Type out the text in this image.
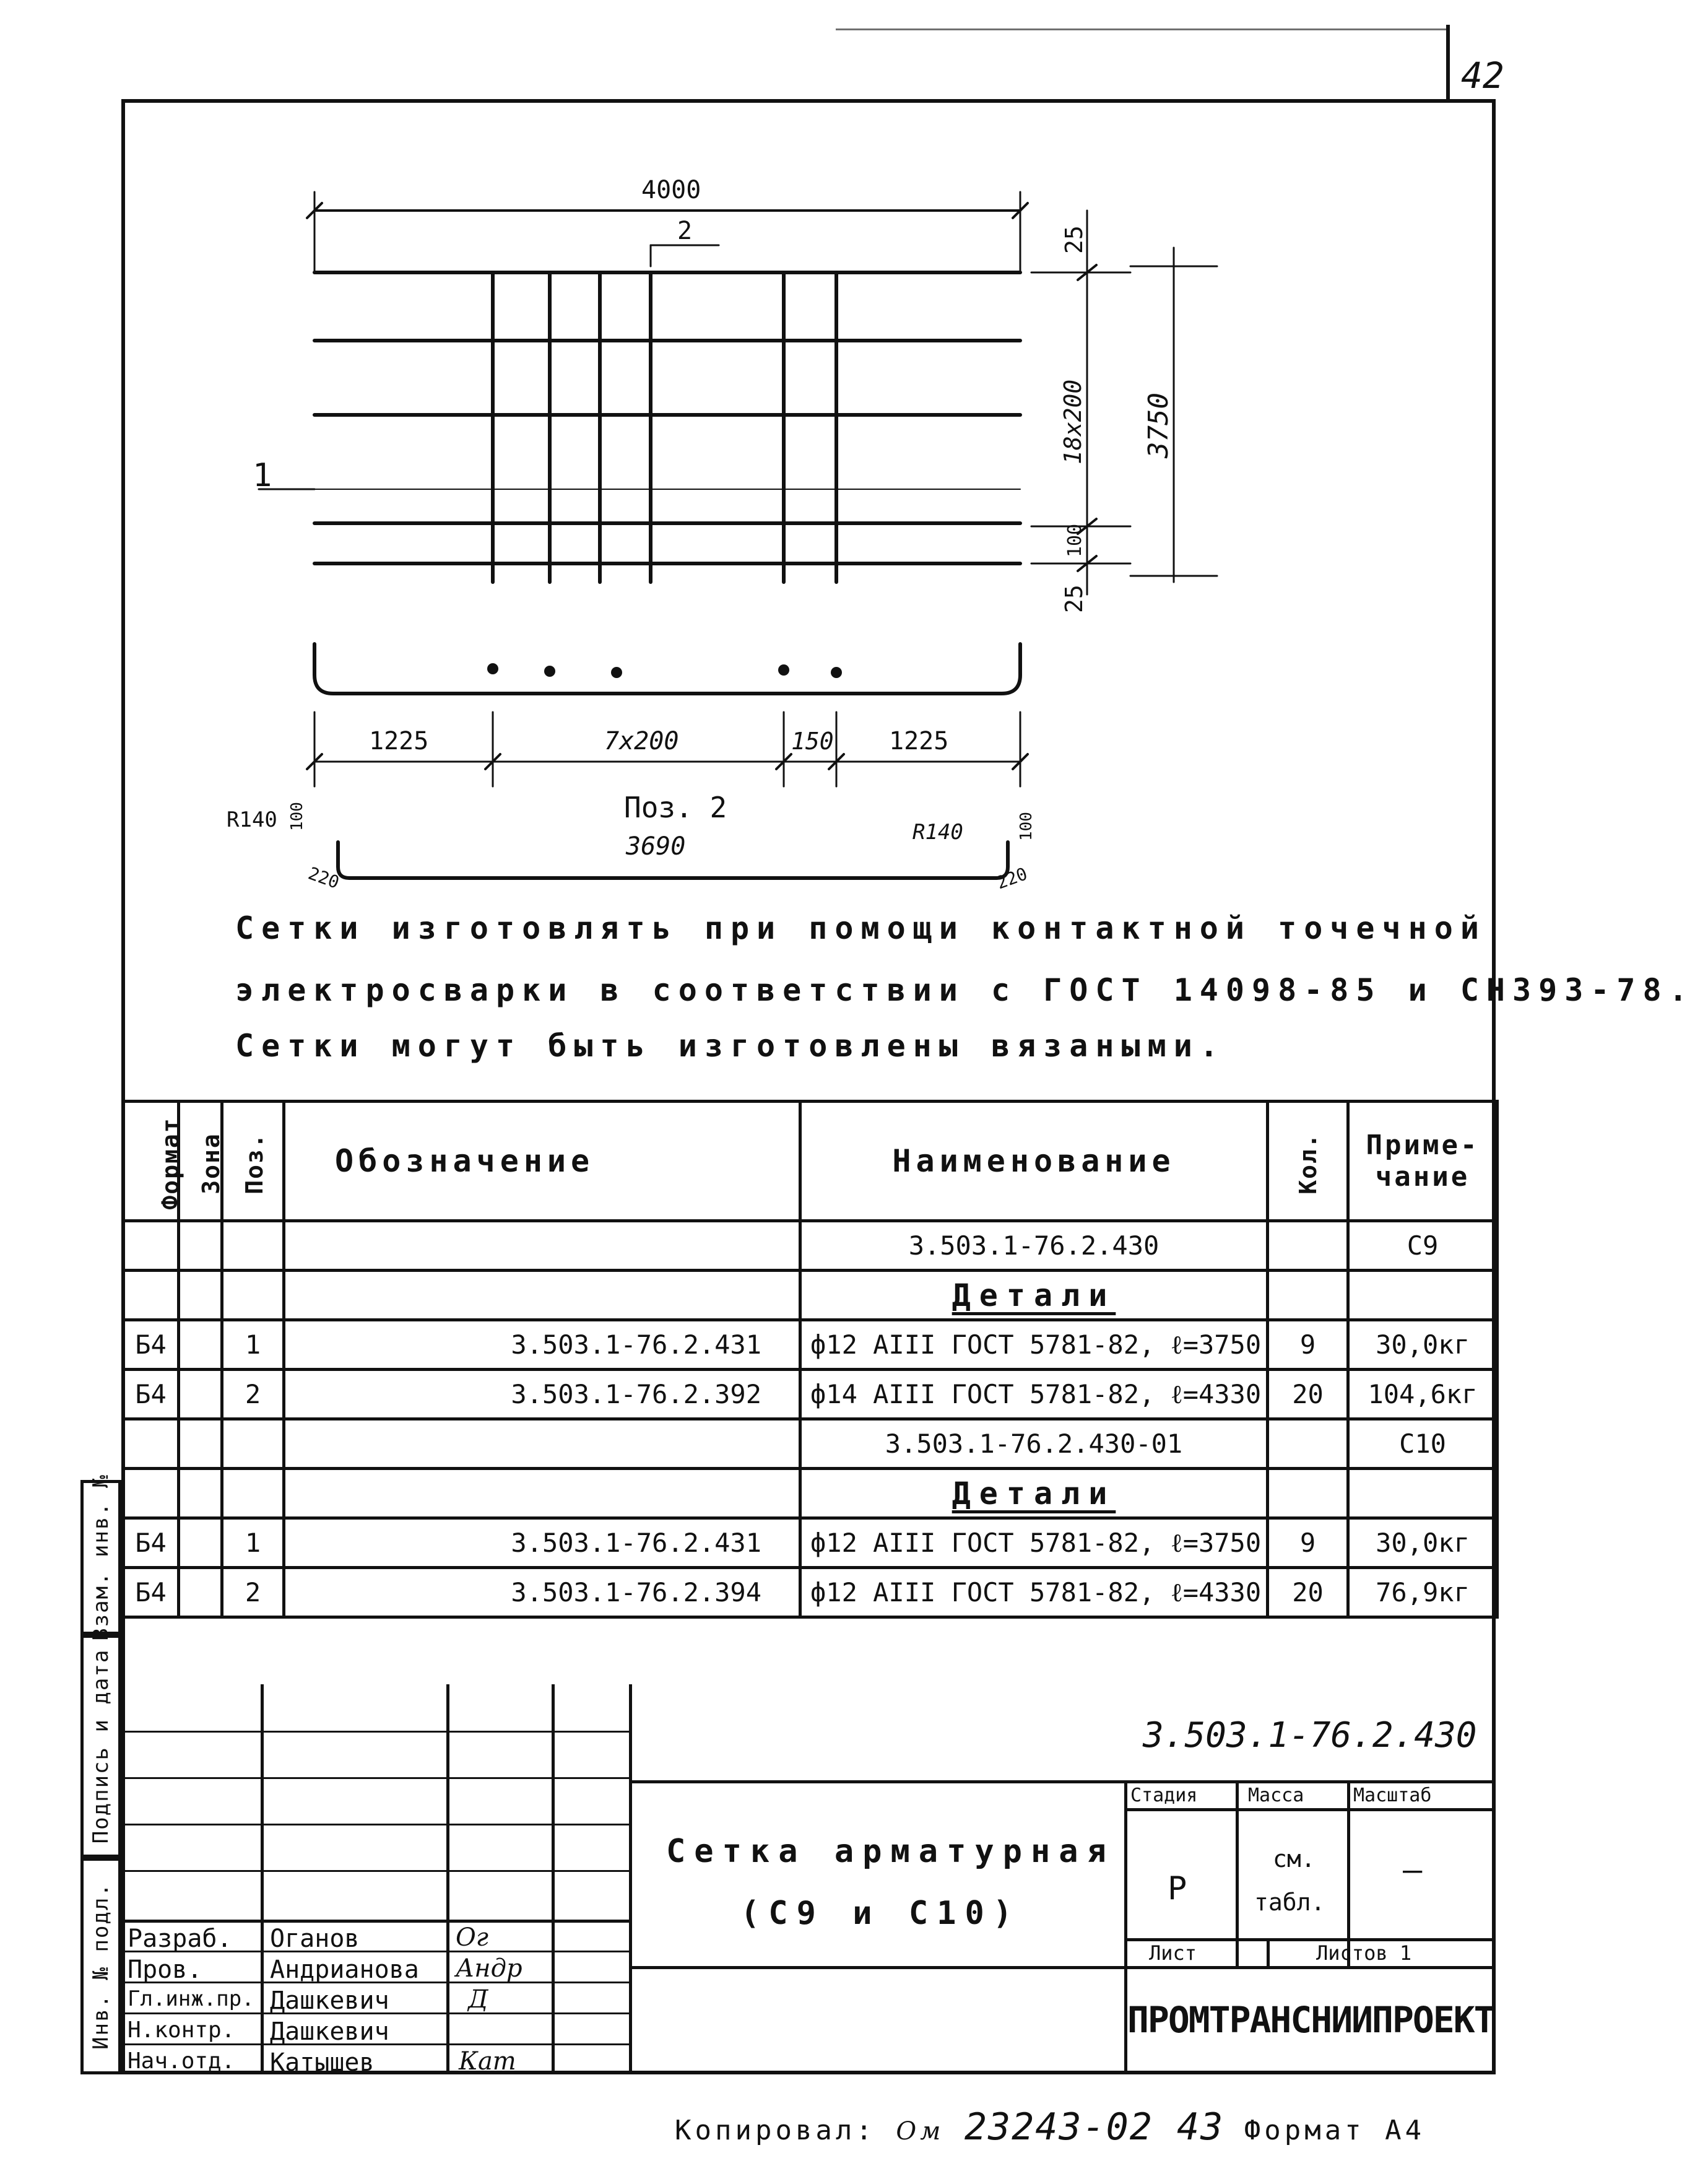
42
4000
2
1
25
18x200
100
25
3750
1225	7x200	150 1225
Поз. 2
3690
R140	R140
100	100
220	220
Сетки изготовлять при помощи контактной точечной
электросварки в соответствии с ГОСТ 14098-85 и СН393-78.
Сетки могут быть изготовлены вязаными.
Формат	Зона	Поз.	Обозначение	Наименование	Кол.	Приме-чание
				3.503.1-76.2.430		С9
				Детали		
Б4		1	3.503.1-76.2.431	ф12 АIII ГОСТ 5781-82, ℓ=3750	9	30,0кг
Б4		2	3.503.1-76.2.392	ф14 АIII ГОСТ 5781-82, ℓ=4330	20	104,6кг
				3.503.1-76.2.430-01		С10
				Детали		
Б4		1	3.503.1-76.2.431	ф12 АIII ГОСТ 5781-82, ℓ=3750	9	30,0кг
Б4		2	3.503.1-76.2.394	ф12 АIII ГОСТ 5781-82, ℓ=4330	20	76,9кг
3.503.1-76.2.430
Сетка арматурная
(С9 и С10)
Стадия	Масса	Масштаб
Р
см.
табл.
—
Лист	Листов 1
ПРОМТРАНСНИИПРОЕКТ
Разраб. Оганов	Ог
Пров.	Андрианова Андр
Гл.инж.пр. Дашкевич	Д
Н.контр. Дашкевич
Нач.отд. Катышев	Кат
Взам. инв. №
Подпись и дата
Инв. № подл.
Копировал: Ом 23243-02 43 Формат А4
